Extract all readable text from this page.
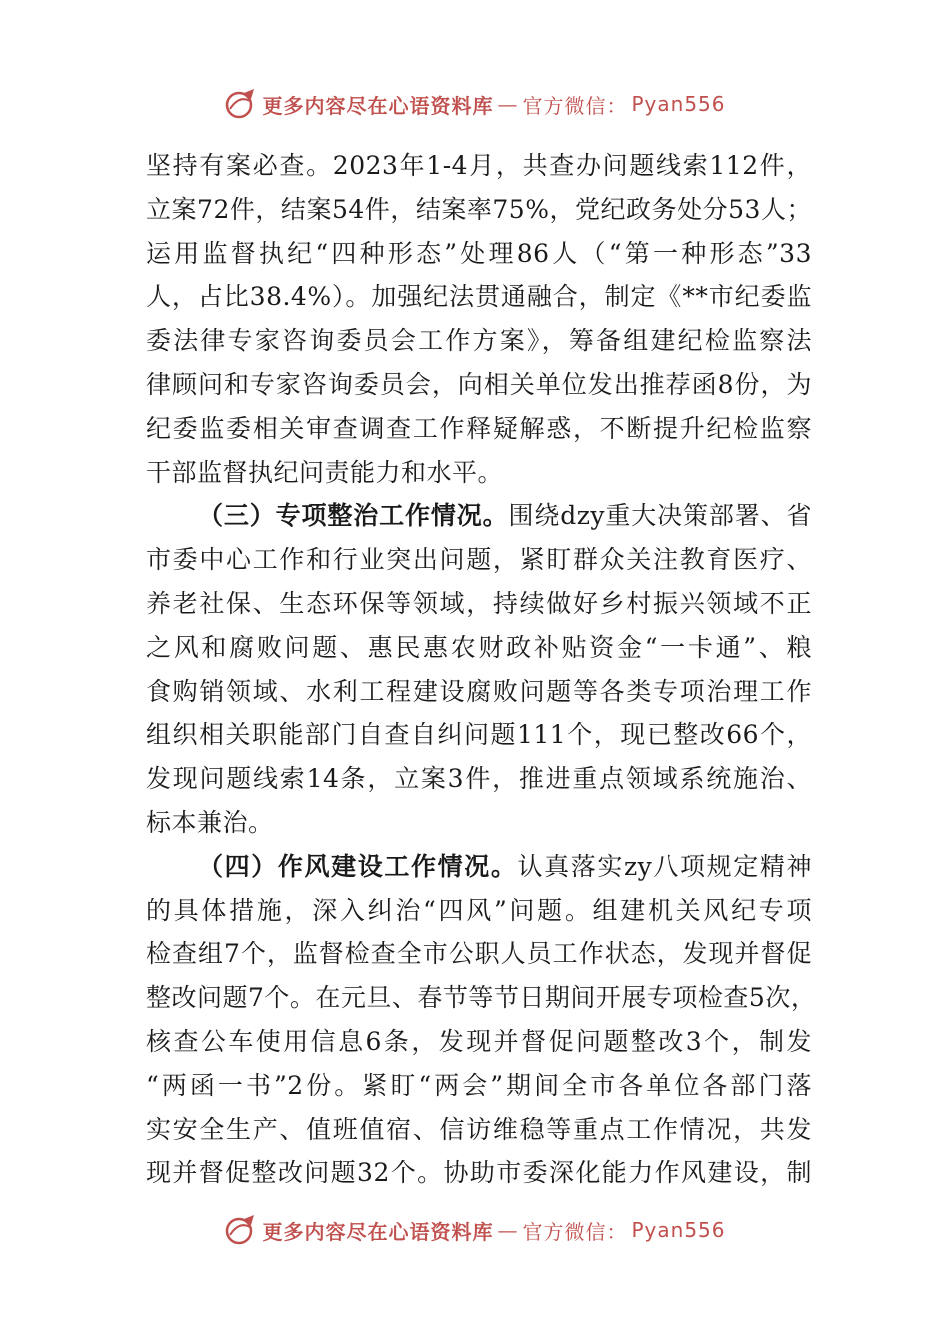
更多内容尽在心语资料库 — 官方微信： Pyan556
坚持有案必查。2023年1-4月，共查办问题线索112件，
立案72件，结案54件，结案率75%，党纪政务处分53人；
运用监督执纪“四种形态”处理86人（“第一种形态”33
人，占比38.4%）。加强纪法贯通融合，制定《**市纪委监
委法律专家咨询委员会工作方案》，筹备组建纪检监察法
律顾问和专家咨询委员会，向相关单位发出推荐函8份，为
纪委监委相关审查调查工作释疑解惑，不断提升纪检监察
干部监督执纪问责能力和水平。
（三）专项整治工作情况。围绕dzy重大决策部署、省
市委中心工作和行业突出问题，紧盯群众关注教育医疗、
养老社保、生态环保等领域，持续做好乡村振兴领域不正
之风和腐败问题、惠民惠农财政补贴资金“一卡通”、粮
食购销领域、水利工程建设腐败问题等各类专项治理工作
组织相关职能部门自查自纠问题111个，现已整改66个，
发现问题线索14条，立案3件，推进重点领域系统施治、
标本兼治。
（四）作风建设工作情况。认真落实zy八项规定精神
的具体措施，深入纠治“四风”问题。组建机关风纪专项
检查组7个，监督检查全市公职人员工作状态，发现并督促
整改问题7个。在元旦、春节等节日期间开展专项检查5次，
核查公车使用信息6条，发现并督促问题整改3个，制发
“两函一书”2份。紧盯“两会”期间全市各单位各部门落
实安全生产、值班值宿、信访维稳等重点工作情况，共发
现并督促整改问题32个。协助市委深化能力作风建设，制
更多内容尽在心语资料库 — 官方微信： Pyan556
